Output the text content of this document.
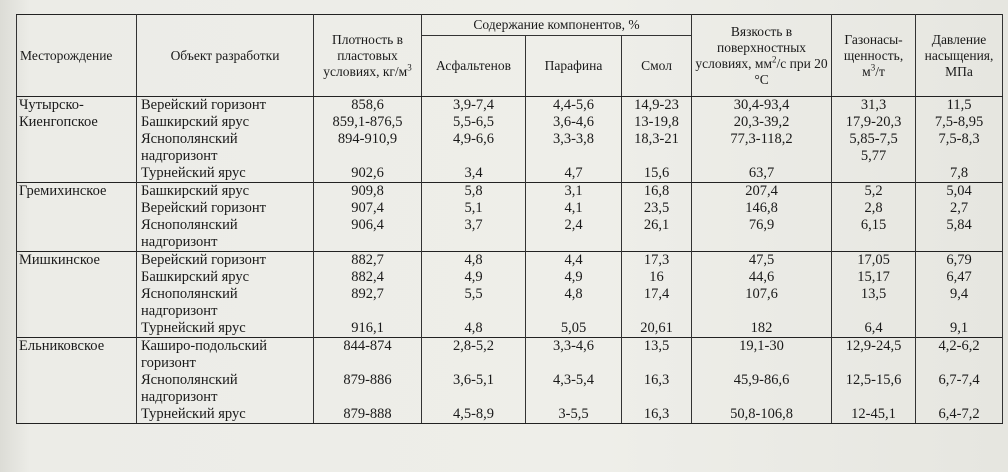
Месторождение	Объект разработки	Плотность в пластовых условиях, $кг/м^3$	Содержание компонентов, %			Вязкость в поверхностных условиях, $мм^2/с$ при 20 °С	Газонасы-щенность, $м^3/т$	Давление насыщения, МПа
			Асфальтенов	Парафина	Смол			
Чутырско-	Верейский горизонт	858,6	3,9-7,4	4,4-5,6	14,9-23	30,4-93,4	31,3	11,5
Киенгопское	Башкирский ярус	859,1-876,5	5,5-6,5	3,6-4,6	13-19,8	20,3-39,2	17,9-20,3	7,5-8,95
	Яснополянский	894-910,9	4,9-6,6	3,3-3,8	18,3-21	77,3-118,2	5,85-7,5	7,5-8,3
	надгоризонт						5,77	
	Турнейский ярус	902,6	3,4	4,7	15,6	63,7		7,8
Гремихинское	Башкирский ярус	909,8	5,8	3,1	16,8	207,4	5,2	5,04
	Верейский горизонт	907,4	5,1	4,1	23,5	146,8	2,8	2,7
	Яснополянский	906,4	3,7	2,4	26,1	76,9	6,15	5,84
	надгоризонт							
Мишкинское	Верейский горизонт	882,7	4,8	4,4	17,3	47,5	17,05	6,79
	Башкирский ярус	882,4	4,9	4,9	16	44,6	15,17	6,47
	Яснополянский	892,7	5,5	4,8	17,4	107,6	13,5	9,4
	надгоризонт							
	Турнейский ярус	916,1	4,8	5,05	20,61	182	6,4	9,1
Ельниковское	Каширо-подольский	844-874	2,8-5,2	3,3-4,6	13,5	19,1-30	12,9-24,5	4,2-6,2
	горизонт							
	Яснополянский	879-886	3,6-5,1	4,3-5,4	16,3	45,9-86,6	12,5-15,6	6,7-7,4
	надгоризонт							
	Турнейский ярус	879-888	4,5-8,9	3-5,5	16,3	50,8-106,8	12-45,1	6,4-7,2
